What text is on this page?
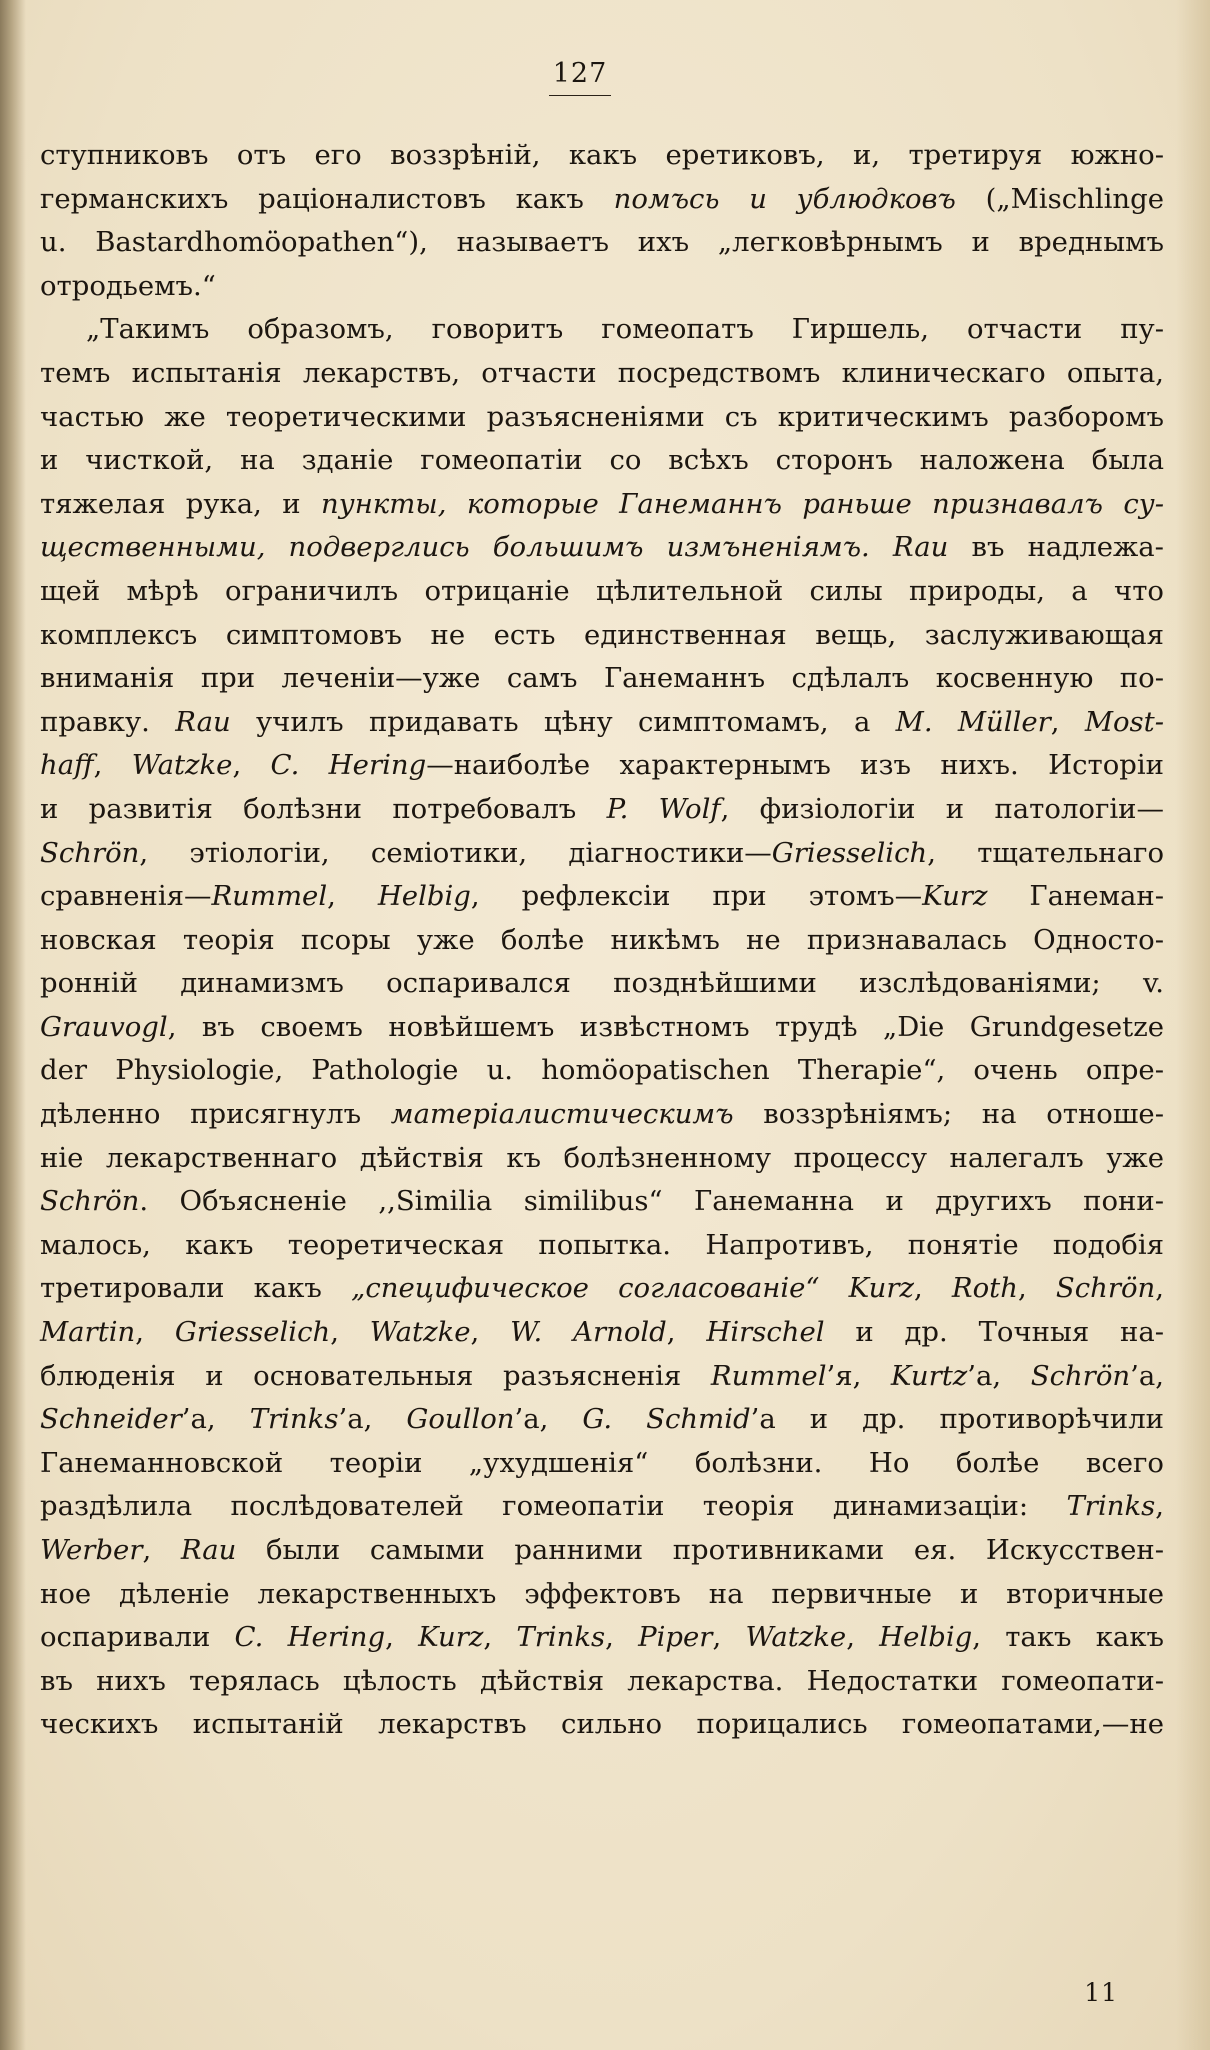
127
ступниковъ отъ его воззрѣній, какъ еретиковъ, и, третируя южно-
германскихъ раціоналистовъ какъ помъсь и ублюдковъ („Mischlinge
u. Bastardhomöopathen“), называетъ ихъ „легковѣрнымъ и вреднымъ
отродьемъ.“
„Такимъ образомъ, говоритъ гомеопатъ Гиршель, отчасти пу-
темъ испытанія лекарствъ, отчасти посредствомъ клиническаго опыта,
частью же теоретическими разъясненіями съ критическимъ разборомъ
и чисткой, на зданіе гомеопатіи со всѣхъ сторонъ наложена была
тяжелая рука, и пункты, которые Ганеманнъ раньше признавалъ су-
щественными, подверглись большимъ измъненіямъ. Rau въ надлежа-
щей мѣрѣ ограничилъ отрицаніе цѣлительной силы природы, а что
комплексъ симптомовъ не есть единственная вещь, заслуживающая
вниманія при леченіи—уже самъ Ганеманнъ сдѣлалъ косвенную по-
правку. Rau училъ придавать цѣну симптомамъ, а M. Müller, Most-
haff, Watzke, C. Hering—наиболѣе характернымъ изъ нихъ. Исторіи
и развитія болѣзни потребовалъ P. Wolf, физіологіи и патологіи—
Schrön, этіологіи, семіотики, діагностики—Griesselich, тщательнаго
сравненія—Rummel, Helbig, рефлексіи при этомъ—Kurz Ганеман-
новская теорія псоры уже болѣе никѣмъ не признавалась Односто-
ронній динамизмъ оспаривался позднѣйшими изслѣдованіями; v.
Grauvogl, въ своемъ новѣйшемъ извѣстномъ трудѣ „Die Grundgesetze
der Physiologie, Pathologie u. homöopatischen Therapie“, очень опре-
дѣленно присягнулъ матеріалистическимъ воззрѣніямъ; на отноше-
ніе лекарственнаго дѣйствія къ болѣзненному процессу налегалъ уже
Schrön. Объясненіе ,,Similia similibus“ Ганеманна и другихъ пони-
малось, какъ теоретическая попытка. Напротивъ, понятіе подобія
третировали какъ „специфическое согласованіе“ Kurz, Roth, Schrön,
Martin, Griesselich, Watzke, W. Arnold, Hirschel и др. Точныя на-
блюденія и основательныя разъясненія Rummel’я, Kurtz’а, Schrön’а,
Schneider’а, Trinks’а, Goullon’а, G. Schmid’а и др. противорѣчили
Ганеманновской теоріи „ухудшенія“ болѣзни. Но болѣе всего
раздѣлила послѣдователей гомеопатіи теорія динамизаціи: Trinks,
Werber, Rau были самыми ранними противниками ея. Искусствен-
ное дѣленіе лекарственныхъ эффектовъ на первичные и вторичные
оспаривали C. Hering, Kurz, Trinks, Piper, Watzke, Helbig, такъ какъ
въ нихъ терялась цѣлость дѣйствія лекарства. Недостатки гомеопати-
ческихъ испытаній лекарствъ сильно порицались гомеопатами,—не
11
